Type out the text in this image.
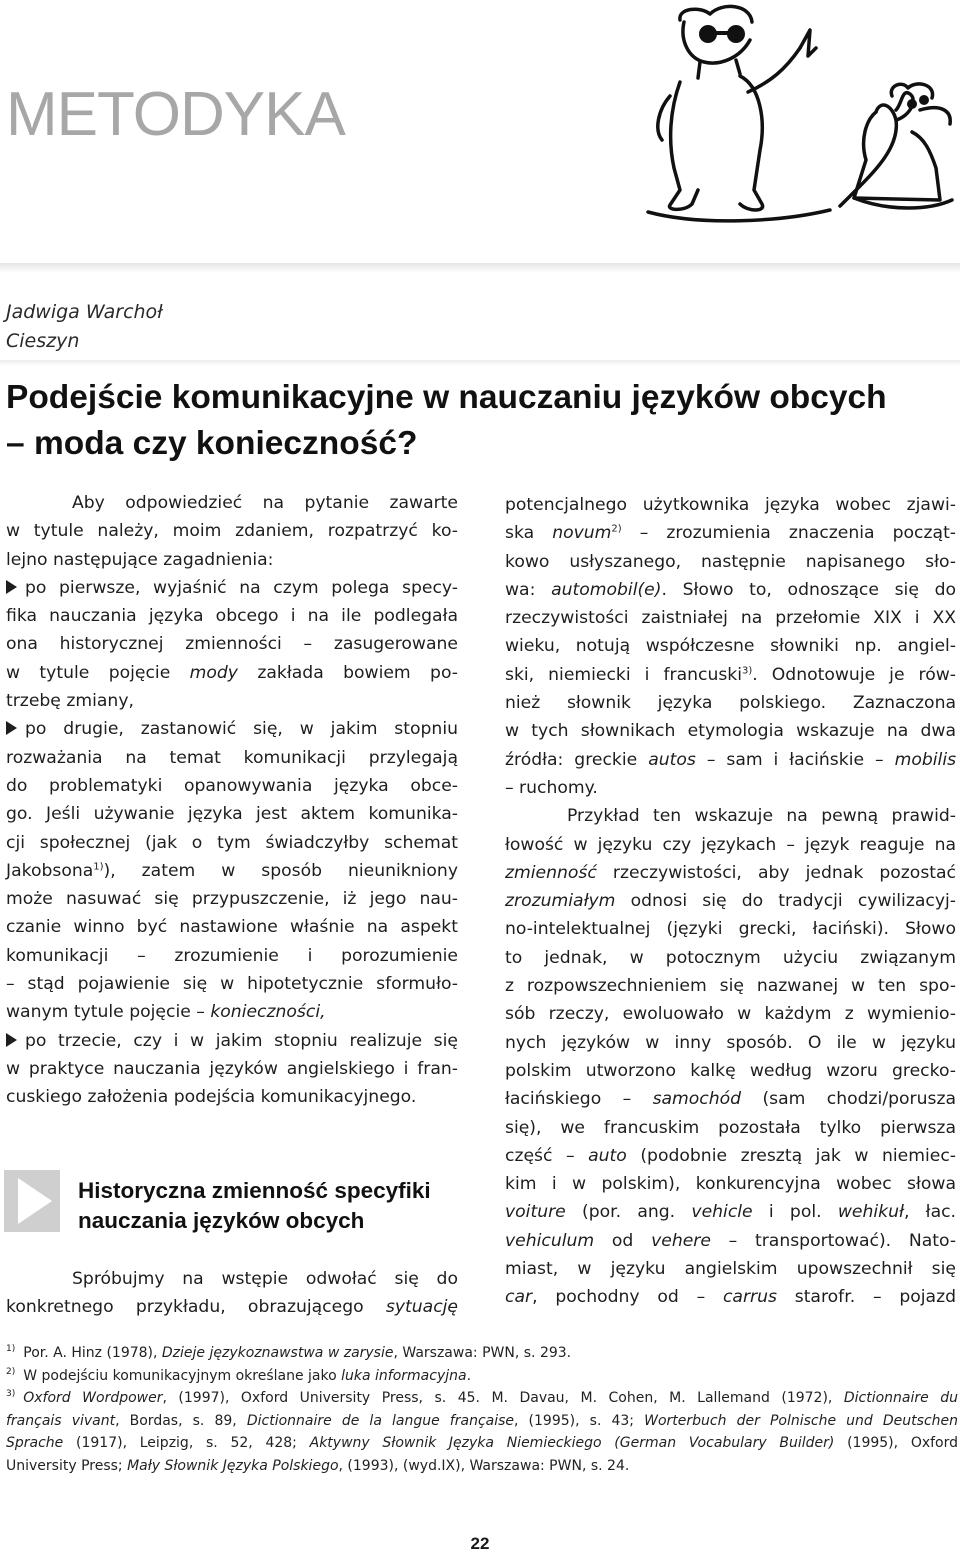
METODYKA
Jadwiga Warchoł
Cieszyn
Podejście komunikacyjne w nauczaniu języków obcych
– moda czy konieczność?
Aby odpowiedzieć na pytanie zawarte
w tytule należy, moim zdaniem, rozpatrzyć ko-
lejno następujące zagadnienia:
po pierwsze, wyjaśnić na czym polega specy-
fika nauczania języka obcego i na ile podlegała
ona historycznej zmienności – zasugerowane
w tytule pojęcie mody zakłada bowiem po-
trzebę zmiany,
po drugie, zastanowić się, w jakim stopniu
rozważania na temat komunikacji przylegają
do problematyki opanowywania języka obce-
go. Jeśli używanie języka jest aktem komunika-
cji społecznej (jak o tym świadczyłby schemat
Jakobsona$^{1)}$), zatem w sposób nieunikniony
może nasuwać się przypuszczenie, iż jego nau-
czanie winno być nastawione właśnie na aspekt
komunikacji – zrozumienie i porozumienie
– stąd pojawienie się w hipotetycznie sformuło-
wanym tytule pojęcie – konieczności,
po trzecie, czy i w jakim stopniu realizuje się
w praktyce nauczania języków angielskiego i fran-
cuskiego założenia podejścia komunikacyjnego.
Historyczna zmienność specyfiki
nauczania języków obcych
Spróbujmy na wstępie odwołać się do
konkretnego przykładu, obrazującego sytuację
potencjalnego użytkownika języka wobec zjawi-
ska novum$^{2)}$ – zrozumienia znaczenia począt-
kowo usłyszanego, następnie napisanego sło-
wa: automobil(e). Słowo to, odnoszące się do
rzeczywistości zaistniałej na przełomie XIX i XX
wieku, notują współczesne słowniki np. angiel-
ski, niemiecki i francuski$^{3)}$. Odnotowuje je rów-
nież słownik języka polskiego. Zaznaczona
w tych słownikach etymologia wskazuje na dwa
źródła: greckie autos – sam i łacińskie – mobilis
– ruchomy.
Przykład ten wskazuje na pewną prawid-
łowość w języku czy językach – język reaguje na
zmienność rzeczywistości, aby jednak pozostać
zrozumiałym odnosi się do tradycji cywilizacyj-
no-intelektualnej (języki grecki, łaciński). Słowo
to jednak, w potocznym użyciu związanym
z rozpowszechnieniem się nazwanej w ten spo-
sób rzeczy, ewoluowało w każdym z wymienio-
nych języków w inny sposób. O ile w języku
polskim utworzono kalkę według wzoru grecko-
łacińskiego – samochód (sam chodzi/porusza
się), we francuskim pozostała tylko pierwsza
część – auto (podobnie zresztą jak w niemiec-
kim i w polskim), konkurencyjna wobec słowa
voiture (por. ang. vehicle i pol. wehikuł, łac.
vehiculum od vehere – transportować). Nato-
miast, w języku angielskim upowszechnił się
car, pochodny od – carrus starofr. – pojazd
$^{1)}$ Por. A. Hinz (1978), Dzieje językoznawstwa w zarysie, Warszawa: PWN, s. 293.
$^{2)}$ W podejściu komunikacyjnym określane jako luka informacyjna.
$^{3)}$ Oxford Wordpower, (1997), Oxford University Press, s. 45. M. Davau, M. Cohen, M. Lallemand (1972), Dictionnaire du
français vivant, Bordas, s. 89, Dictionnaire de la langue française, (1995), s. 43; Worterbuch der Polnische und Deutschen
Sprache (1917), Leipzig, s. 52, 428; Aktywny Słownik Języka Niemieckiego (German Vocabulary Builder) (1995), Oxford
University Press; Mały Słownik Języka Polskiego, (1993), (wyd.IX), Warszawa: PWN, s. 24.
22
